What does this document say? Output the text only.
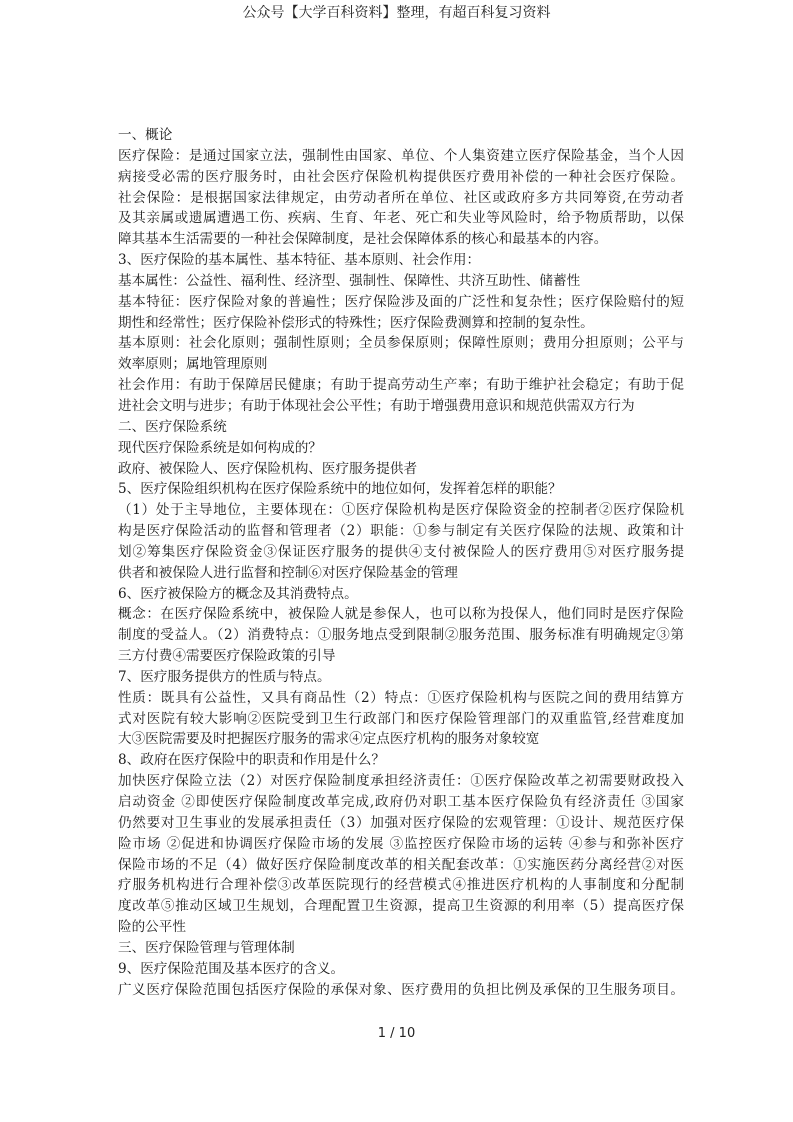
公众号【大学百科资料】整理，有超百科复习资料
一、概论
医疗保险：是通过国家立法，强制性由国家、单位、个人集资建立医疗保险基金，当个人因
病接受必需的医疗服务时，由社会医疗保险机构提供医疗费用补偿的一种社会医疗保险。
社会保险：是根据国家法律规定，由劳动者所在单位、社区或政府多方共同筹资,在劳动者
及其亲属或遗属遭遇工伤、疾病、生育、年老、死亡和失业等风险时，给予物质帮助，以保
障其基本生活需要的一种社会保障制度，是社会保障体系的核心和最基本的内容。
3、医疗保险的基本属性、基本特征、基本原则、社会作用：
基本属性：公益性、福利性、经济型、强制性、保障性、共济互助性、储蓄性
基本特征：医疗保险对象的普遍性；医疗保险涉及面的广泛性和复杂性；医疗保险赔付的短
期性和经常性；医疗保险补偿形式的特殊性；医疗保险费测算和控制的复杂性。
基本原则：社会化原则；强制性原则；全员参保原则；保障性原则；费用分担原则；公平与
效率原则；属地管理原则
社会作用：有助于保障居民健康；有助于提高劳动生产率；有助于维护社会稳定；有助于促
进社会文明与进步；有助于体现社会公平性；有助于增强费用意识和规范供需双方行为
二、医疗保险系统
现代医疗保险系统是如何构成的？
政府、被保险人、医疗保险机构、医疗服务提供者
5、医疗保险组织机构在医疗保险系统中的地位如何，发挥着怎样的职能？
（1）处于主导地位，主要体现在：①医疗保险机构是医疗保险资金的控制者②医疗保险机
构是医疗保险活动的监督和管理者（2）职能：①参与制定有关医疗保险的法规、政策和计
划②筹集医疗保险资金③保证医疗服务的提供④支付被保险人的医疗费用⑤对医疗服务提
供者和被保险人进行监督和控制⑥对医疗保险基金的管理
6、医疗被保险方的概念及其消费特点。
概念：在医疗保险系统中，被保险人就是参保人，也可以称为投保人，他们同时是医疗保险
制度的受益人。（2）消费特点：①服务地点受到限制②服务范围、服务标准有明确规定③第
三方付费④需要医疗保险政策的引导
7、医疗服务提供方的性质与特点。
性质：既具有公益性，又具有商品性（2）特点：①医疗保险机构与医院之间的费用结算方
式对医院有较大影响②医院受到卫生行政部门和医疗保险管理部门的双重监管,经营难度加
大③医院需要及时把握医疗服务的需求④定点医疗机构的服务对象较宽
8、政府在医疗保险中的职责和作用是什么？
加快医疗保险立法（2）对医疗保险制度承担经济责任：①医疗保险改革之初需要财政投入
启动资金 ②即使医疗保险制度改革完成,政府仍对职工基本医疗保险负有经济责任 ③国家
仍然要对卫生事业的发展承担责任（3）加强对医疗保险的宏观管理：①设计、规范医疗保
险市场 ②促进和协调医疗保险市场的发展 ③监控医疗保险市场的运转 ④参与和弥补医疗
保险市场的不足（4）做好医疗保险制度改革的相关配套改革：①实施医药分离经营②对医
疗服务机构进行合理补偿③改革医院现行的经营模式④推进医疗机构的人事制度和分配制
度改革⑤推动区域卫生规划，合理配置卫生资源，提高卫生资源的利用率（5）提高医疗保
险的公平性
三、医疗保险管理与管理体制
9、医疗保险范围及基本医疗的含义。
广义医疗保险范围包括医疗保险的承保对象、医疗费用的负担比例及承保的卫生服务项目。
1 / 10
